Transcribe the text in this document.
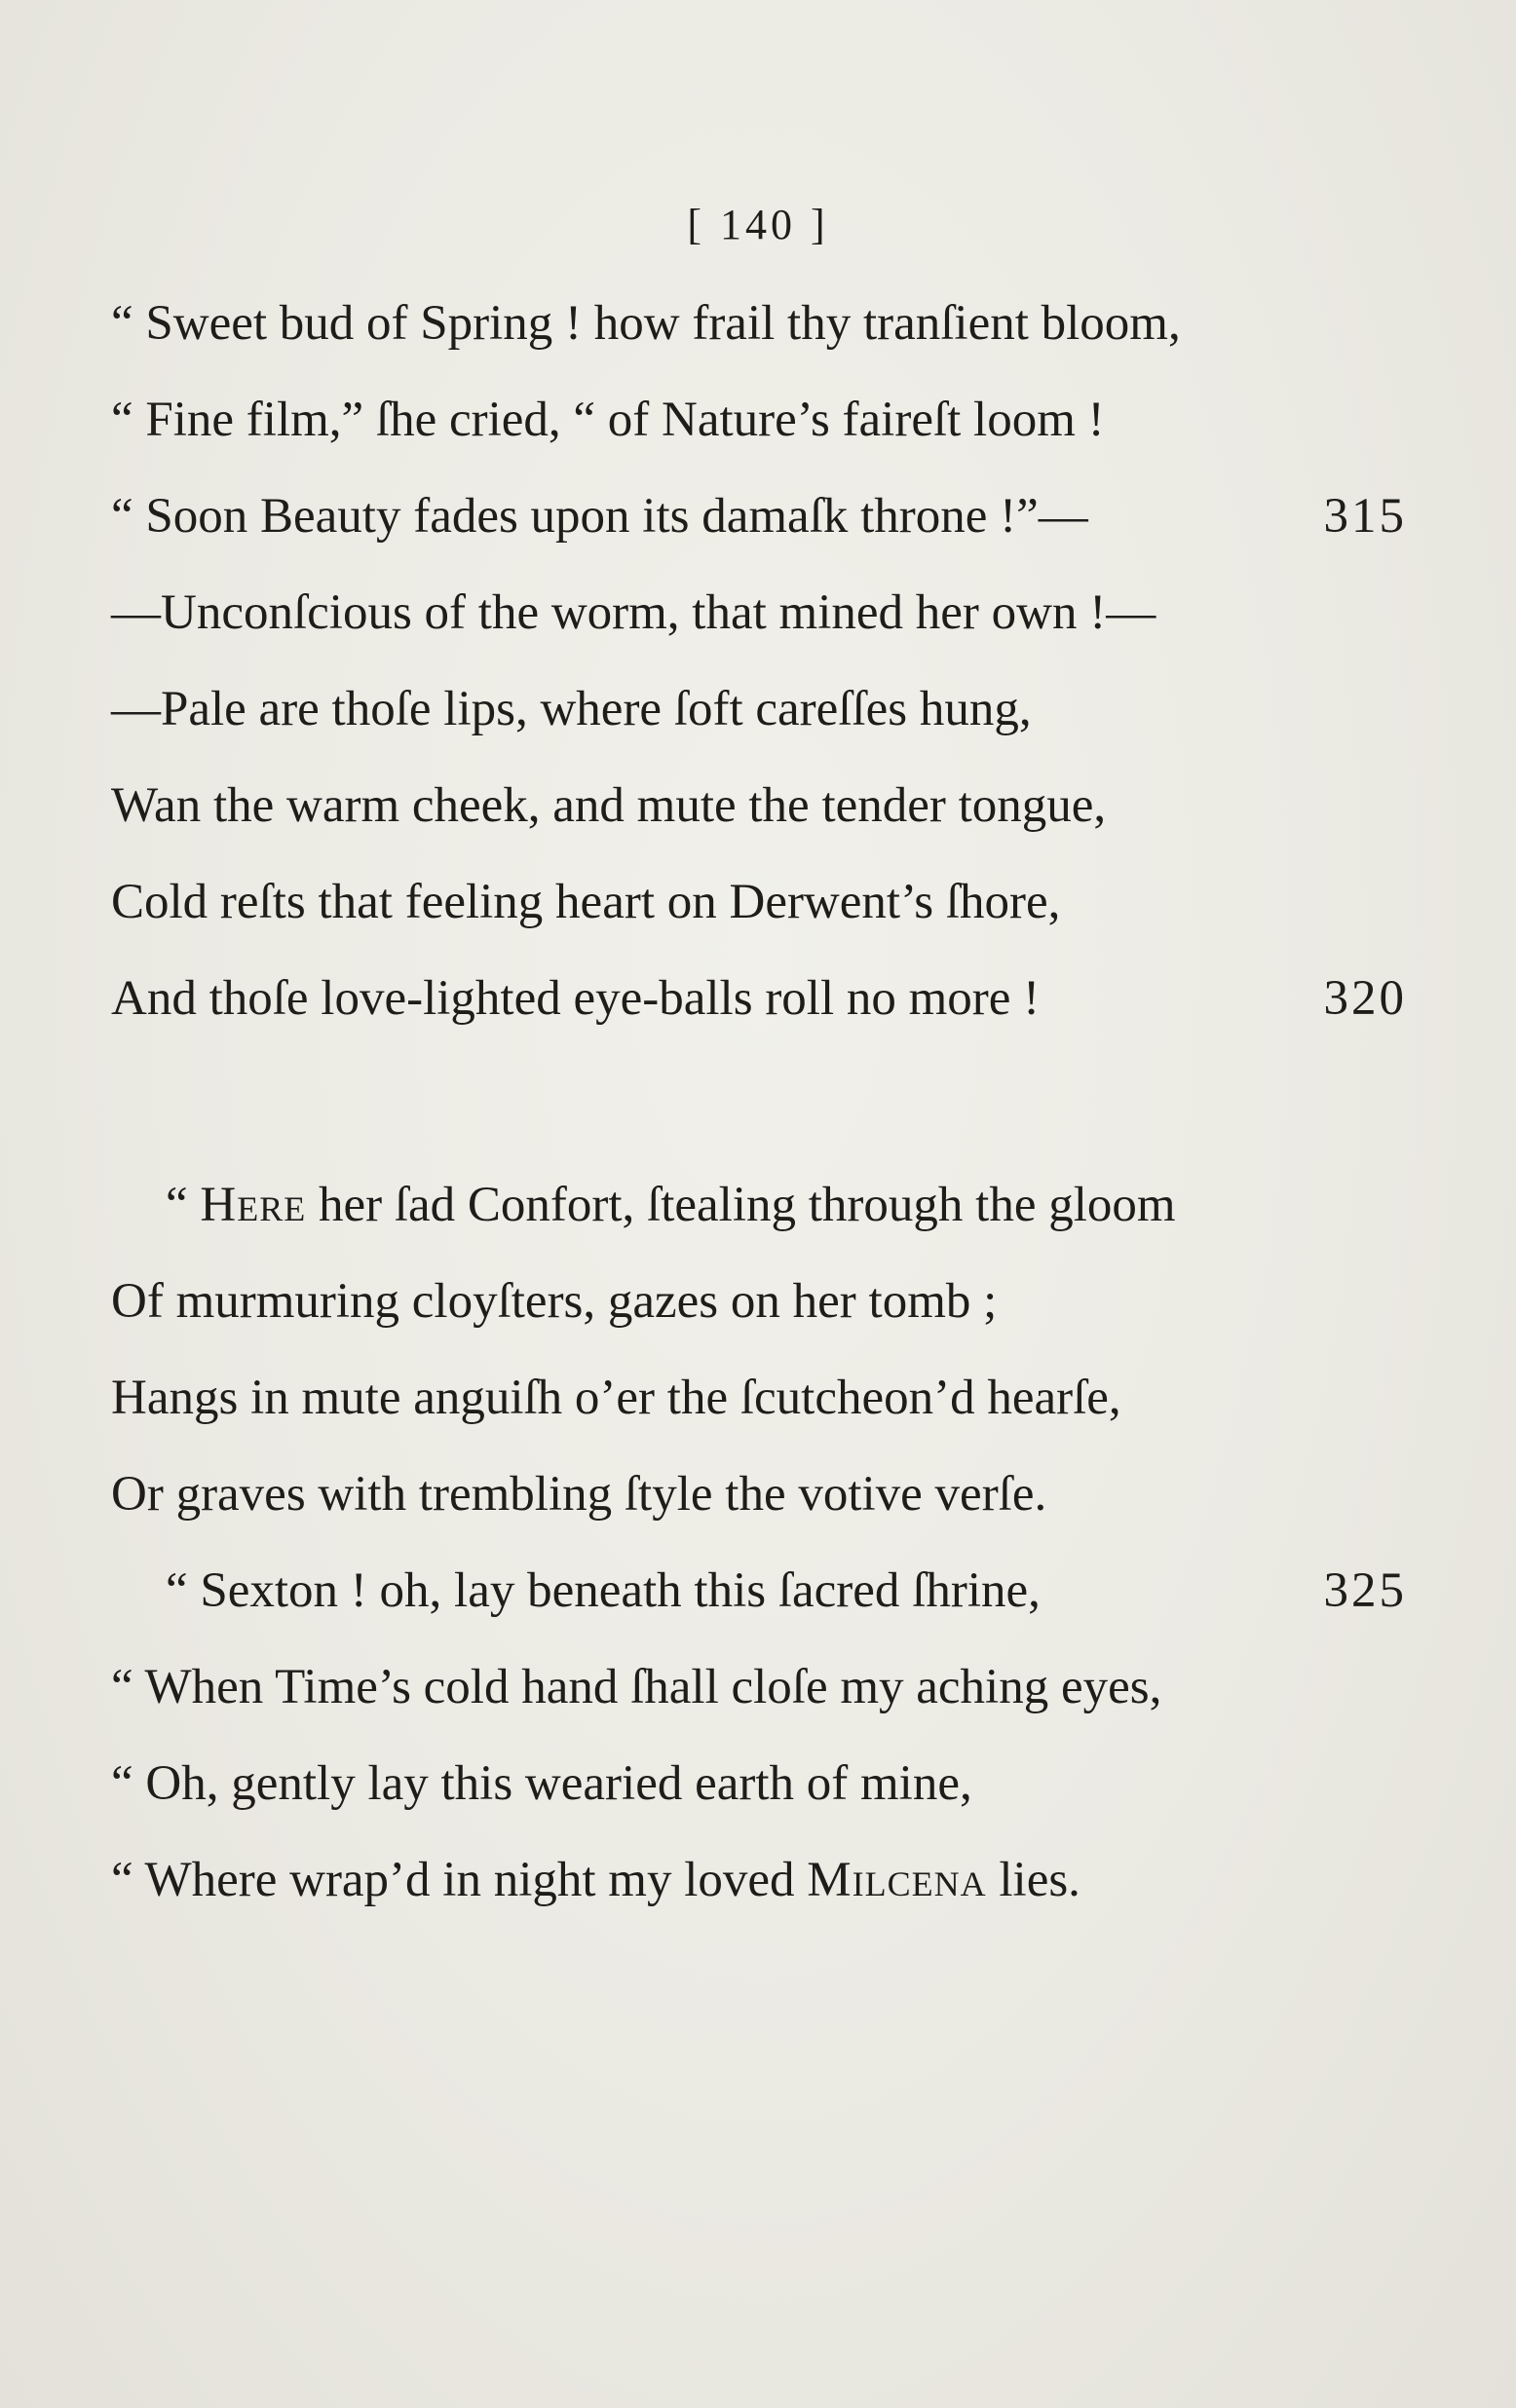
[ 140 ]
“ Sweet bud of Spring ! how frail thy tranſient bloom,
“ Fine film,” ſhe cried, “ of Nature’s faireſt loom !
“ Soon Beauty fades upon its damaſk throne !”—	315
—Unconſcious of the worm, that mined her own !—
—Pale are thoſe lips, where ſoft careſſes hung,
Wan the warm cheek, and mute the tender tongue,
Cold reſts that feeling heart on Derwent’s ſhore,
And thoſe love-lighted eye-balls roll no more !	320
“ Here her ſad Confort, ſtealing through the gloom
Of murmuring cloyſters, gazes on her tomb ;
Hangs in mute anguiſh o’er the ſcutcheon’d hearſe,
Or graves with trembling ſtyle the votive verſe.
“ Sexton ! oh, lay beneath this ſacred ſhrine,	325
“ When Time’s cold hand ſhall cloſe my aching eyes,
“ Oh, gently lay this wearied earth of mine,
“ Where wrap’d in night my loved Milcena lies.
